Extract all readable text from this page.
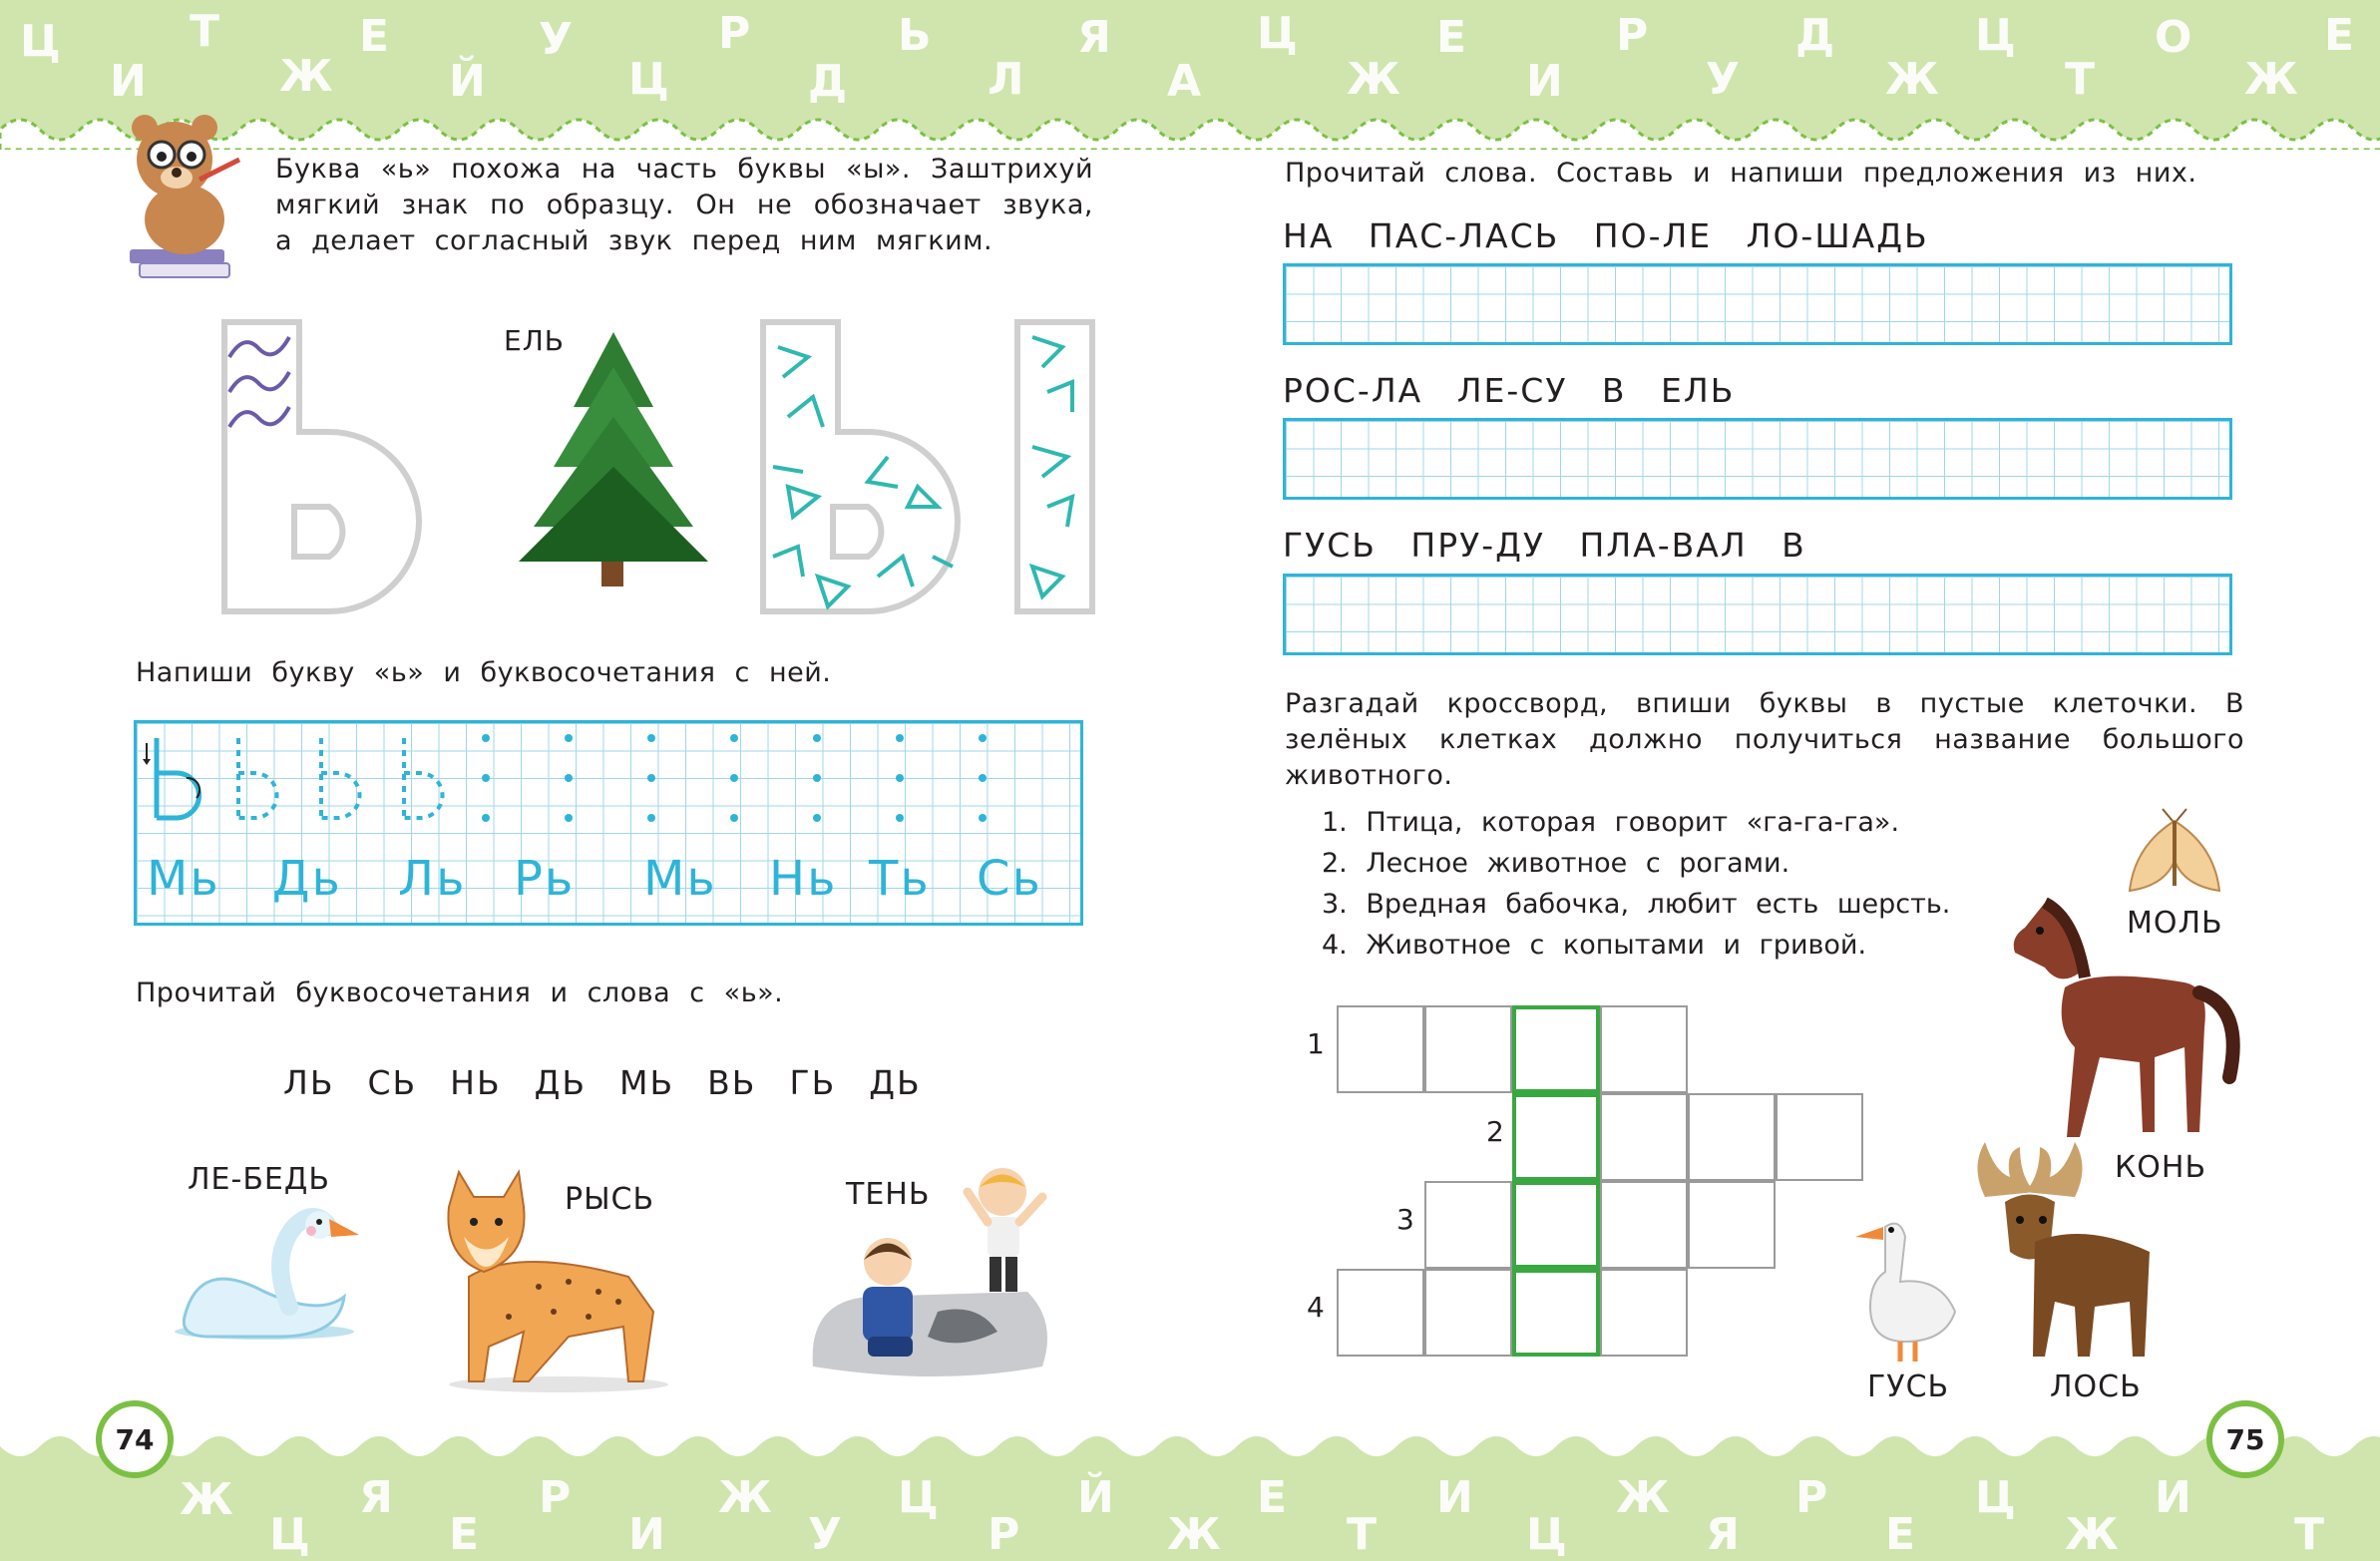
Ц
И
Т
Ж
Е
Й
У
Ц
Р
Д
Ь
Л
Я
А
Ц
Ж
Е
И
Р
У
Д
Ж
Ц
Т
О
Ж
Е
Ж
Ц
Я
Е
Р
И
Ж
У
Ц
Р
Й
Ж
Е
Т
И
Ц
Ж
Я
Р
Е
Ц
Ж
И
Т
74	75
Буква «ь» похожа на часть буквы «ы». Заштрихуй мягкий знак по образцу. Он не обозначает звука, а делает согласный звук перед ним мягким.
ЕЛЬ
Напиши букву «ь» и буквосочетания с ней.
Мь	Дь	Ль Рь	Мь	Нь Ть Сь
Прочитай буквосочетания и слова с «ь».
ЛЬ СЬ НЬ ДЬ МЬ ВЬ ГЬ ДЬ
ЛЕ-БЕДЬ
РЫСЬ	ТЕНЬ
Прочитай слова. Составь и напиши предложения из них.
НА ПАС-ЛАСЬ ПО-ЛЕ ЛО-ШАДЬ
РОС-ЛА ЛЕ-СУ В ЕЛЬ
ГУСЬ ПРУ-ДУ ПЛА-ВАЛ В
Разгадай кроссворд, впиши буквы в пустые клеточки. В зелёных клетках должно получиться название большого животного.
1. Птица, которая говорит «га-га-га».
2. Лесное животное с рогами.
3. Вредная бабочка, любит есть шерсть.
4. Животное с копытами и гривой.
1
2
3
4
МОЛЬ
КОНЬ
ГУСЬ	ЛОСЬ
